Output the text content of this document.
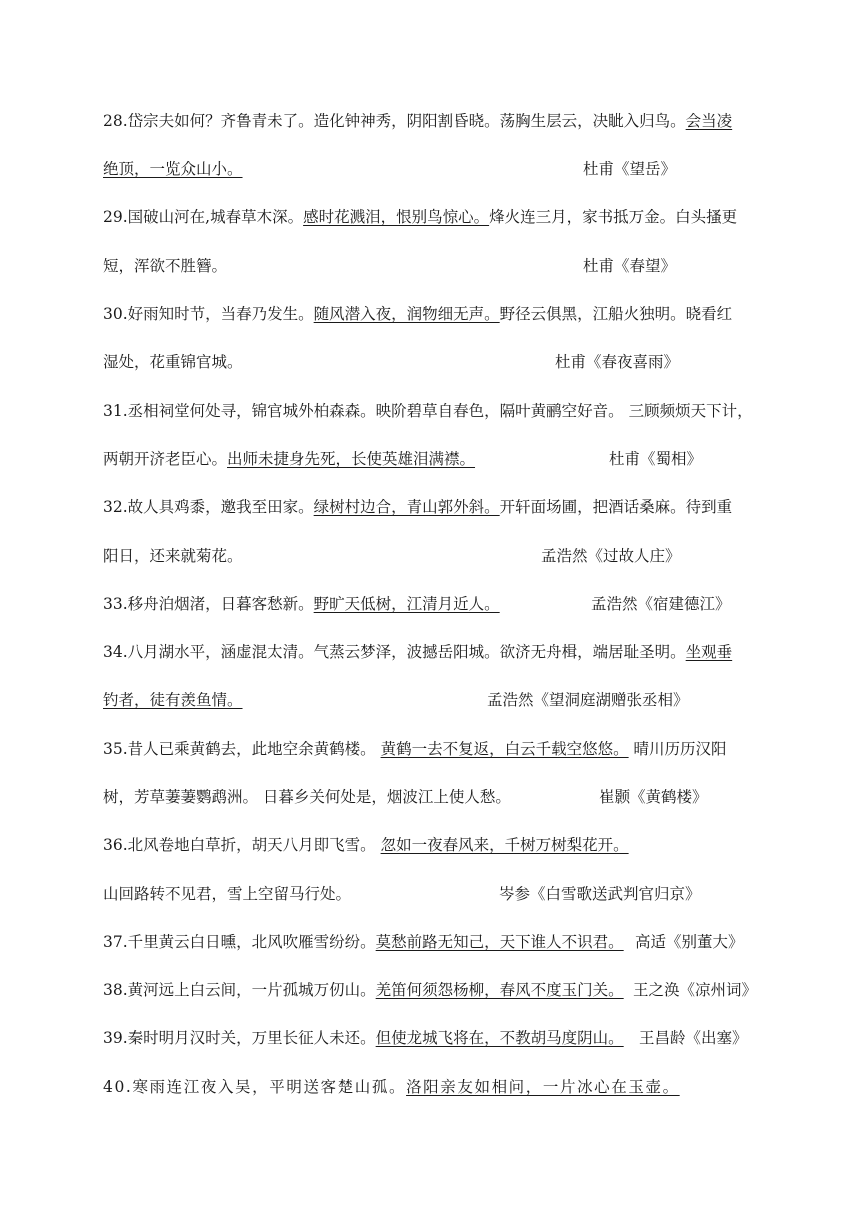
28.岱宗夫如何？齐鲁青未了。造化钟神秀，阴阳割昏晓。荡胸生层云，决眦入归鸟。会当凌
绝顶，一览众山小。	杜甫《望岳》
29.国破山河在,城春草木深。感时花溅泪，恨别鸟惊心。烽火连三月，家书抵万金。白头搔更
短，浑欲不胜簪。	杜甫《春望》
30.好雨知时节，当春乃发生。随风潜入夜，润物细无声。野径云俱黑，江船火独明。晓看红
湿处，花重锦官城。	杜甫《春夜喜雨》
31.丞相祠堂何处寻，锦官城外柏森森。映阶碧草自春色，隔叶黄鹂空好音。 三顾频烦天下计，
两朝开济老臣心。出师未捷身先死，长使英雄泪满襟。	杜甫《蜀相》
32.故人具鸡黍，邀我至田家。绿树村边合，青山郭外斜。开轩面场圃，把酒话桑麻。待到重
阳日，还来就菊花。	孟浩然《过故人庄》
33.移舟泊烟渚，日暮客愁新。野旷天低树，江清月近人。	孟浩然《宿建德江》
34.八月湖水平，涵虚混太清。气蒸云梦泽，波撼岳阳城。欲济无舟楫，端居耻圣明。坐观垂
钓者，徒有羡鱼情。	孟浩然《望洞庭湖赠张丞相》
35.昔人已乘黄鹤去，此地空余黄鹤楼。 黄鹤一去不复返，白云千载空悠悠。 晴川历历汉阳
树，芳草萋萋鹦鹉洲。 日暮乡关何处是，烟波江上使人愁。	崔颢《黄鹤楼》
36.北风卷地白草折，胡天八月即飞雪。 忽如一夜春风来，千树万树梨花开。
山回路转不见君，雪上空留马行处。	岑参《白雪歌送武判官归京》
37.千里黄云白日曛，北风吹雁雪纷纷。莫愁前路无知己，天下谁人不识君。 高适《别董大》
38.黄河远上白云间，一片孤城万仞山。羌笛何须怨杨柳，春风不度玉门关。 王之涣《凉州词》
39.秦时明月汉时关，万里长征人未还。但使龙城飞将在，不教胡马度阴山。 王昌龄《出塞》
40.寒雨连江夜入吴，平明送客楚山孤。洛阳亲友如相问，一片冰心在玉壶。
